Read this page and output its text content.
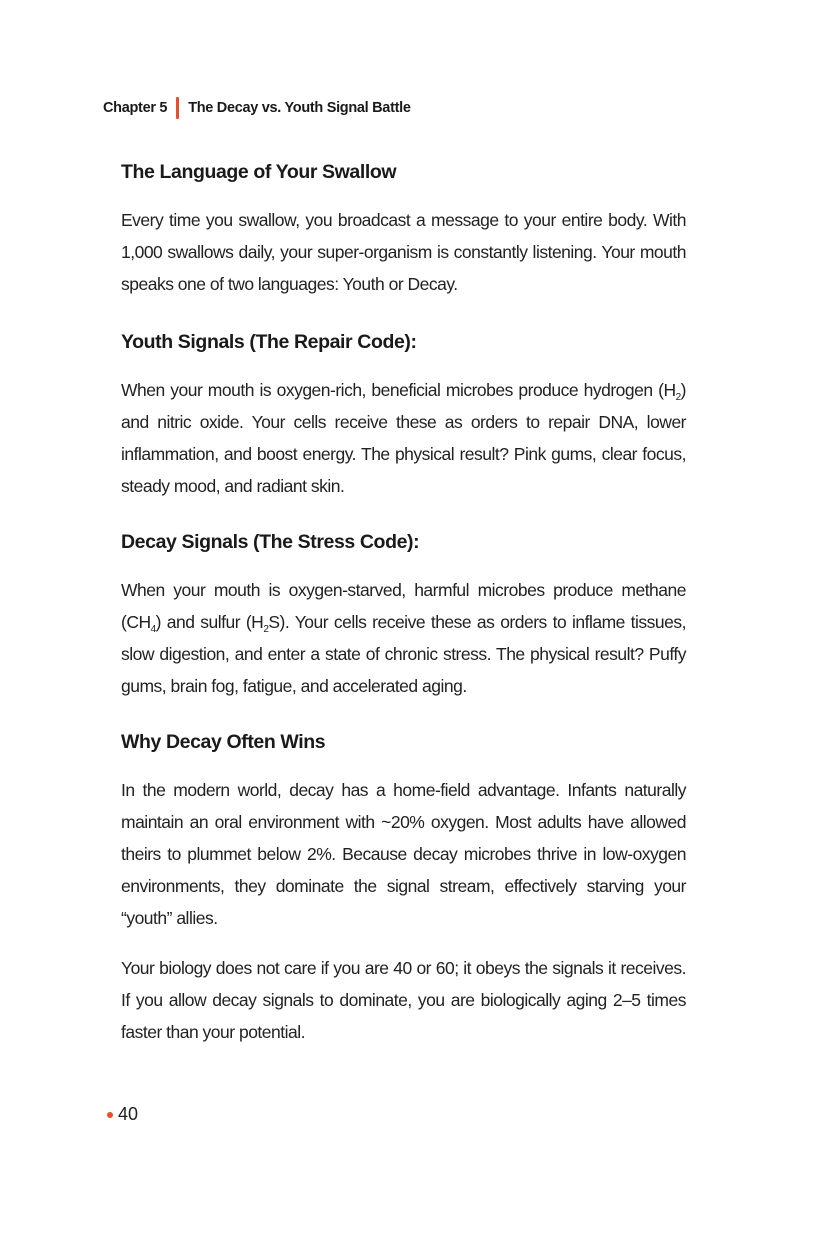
Chapter 5 The Decay vs. Youth Signal Battle
The Language of Your Swallow

Every time you swallow, you broadcast a message to your entire body. With 1,000 swallows daily, your super-organism is constantly listening. Your mouth speaks one of two languages: Youth or Decay.

Youth Signals (The Repair Code):

When your mouth is oxygen-rich, beneficial microbes produce hydrogen $(H_2)$ and nitric oxide. Your cells receive these as orders to repair DNA, lower inflammation, and boost energy. The physical result? Pink gums, clear focus, steady mood, and radiant skin.

Decay Signals (The Stress Code):

When your mouth is oxygen-starved, harmful microbes produce methane $(CH_4)$ and sulfur $(H_2S)$. Your cells receive these as orders to inflame tissues, slow digestion, and enter a state of chronic stress. The physical result? Puffy gums, brain fog, fatigue, and accelerated aging.

Why Decay Often Wins

In the modern world, decay has a home-field advantage. Infants naturally maintain an oral environment with ~20% oxygen. Most adults have allowed theirs to plummet below 2%. Because decay microbes thrive in low-oxygen environments, they dominate the signal stream, effectively starving your “youth” allies.

Your biology does not care if you are 40 or 60; it obeys the signals it receives. If you allow decay signals to dominate, you are biologically aging 2–5 times faster than your potential.

40
